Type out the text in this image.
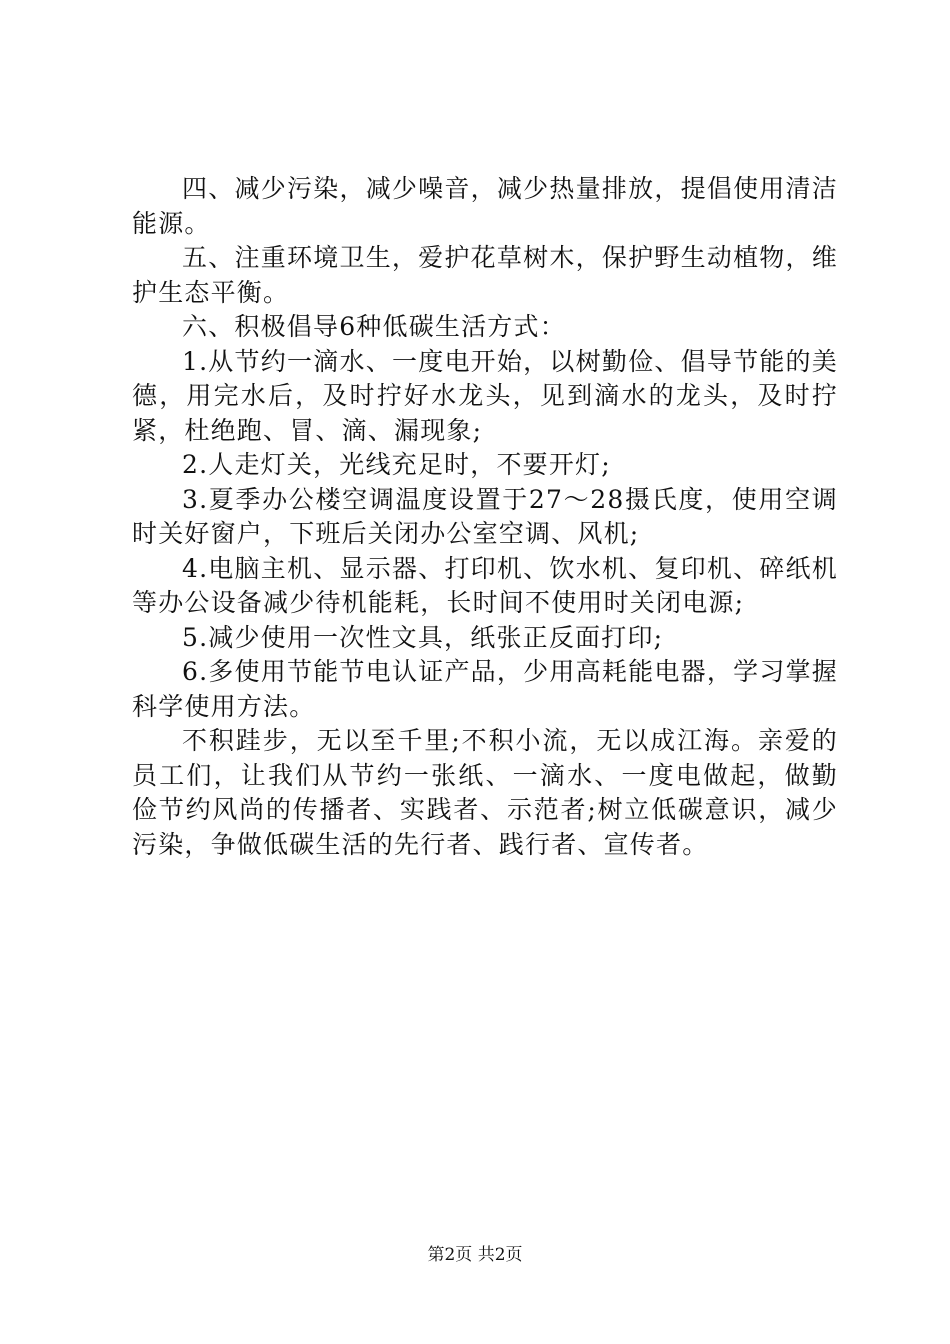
四、减少污染，减少噪音，减少热量排放，提倡使用清洁能源。

五、注重环境卫生，爱护花草树木，保护野生动植物，维护生态平衡。

六、积极倡导6种低碳生活方式：

1.从节约一滴水、一度电开始，以树勤俭、倡导节能的美德，用完水后，及时拧好水龙头，见到滴水的龙头，及时拧紧，杜绝跑、冒、滴、漏现象;

2.人走灯关，光线充足时，不要开灯;

3.夏季办公楼空调温度设置于27～28摄氏度，使用空调时关好窗户，下班后关闭办公室空调、风机;

4.电脑主机、显示器、打印机、饮水机、复印机、碎纸机等办公设备减少待机能耗，长时间不使用时关闭电源;

5.减少使用一次性文具，纸张正反面打印;

6.多使用节能节电认证产品，少用高耗能电器，学习掌握科学使用方法。

不积跬步，无以至千里;不积小流，无以成江海。亲爱的员工们，让我们从节约一张纸、一滴水、一度电做起，做勤俭节约风尚的传播者、实践者、示范者;树立低碳意识，减少污染，争做低碳生活的先行者、践行者、宣传者。

第2页 共2页
